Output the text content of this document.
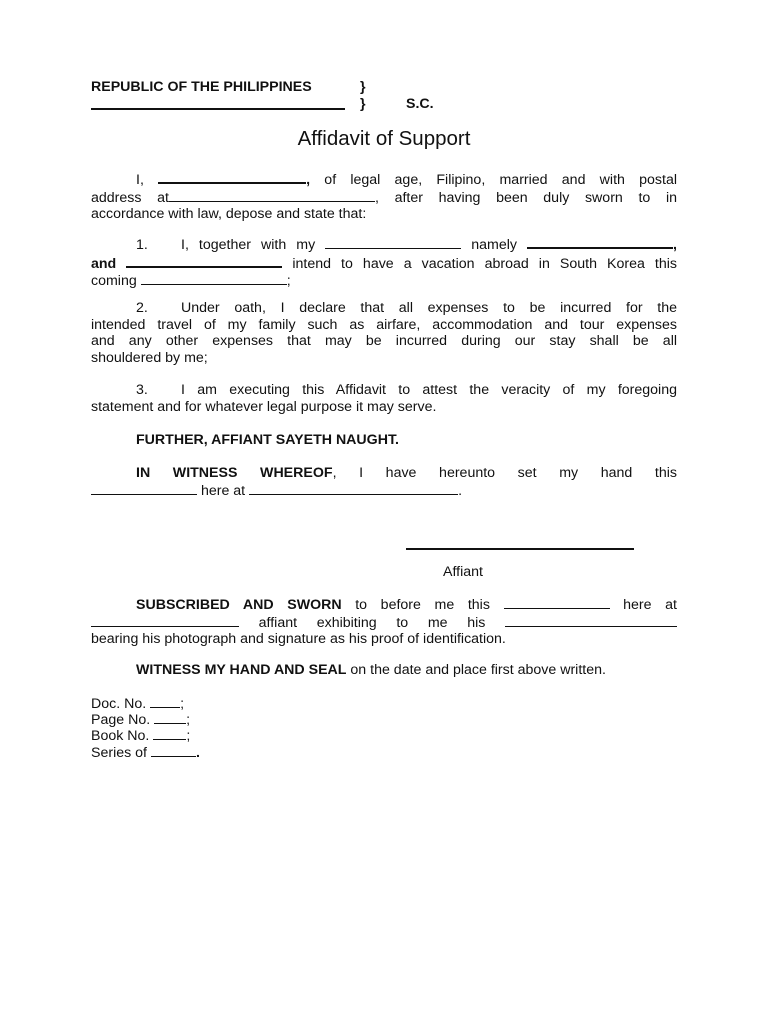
REPUBLIC OF THE PHILIPPINES	}
}	S.C.
Affidavit of Support
I,	, of legal age, Filipino, married and with postal
address at	, after having been duly sworn to in
accordance with law, depose and state that:
1. I, together with my	namely	,
and	intend to have a vacation abroad in South Korea this
coming	;
2. Under oath, I declare that all expenses to be incurred for the
intended travel of my family such as airfare, accommodation and tour expenses
and any other expenses that may be incurred during our stay shall be all
shouldered by me;
3. I am executing this Affidavit to attest the veracity of my foregoing
statement and for whatever legal purpose it may serve.
FURTHER, AFFIANT SAYETH NAUGHT.
IN WITNESS WHEREOF, I have hereunto set my hand this
here at	.
Affiant
SUBSCRIBED AND SWORN to before me this	here at
affiant exhibiting to me his
bearing his photograph and signature as his proof of identification.
WITNESS MY HAND AND SEAL on the date and place first above written.
Doc. No. ;
Page No. ;
Book No. ;
Series of	.
